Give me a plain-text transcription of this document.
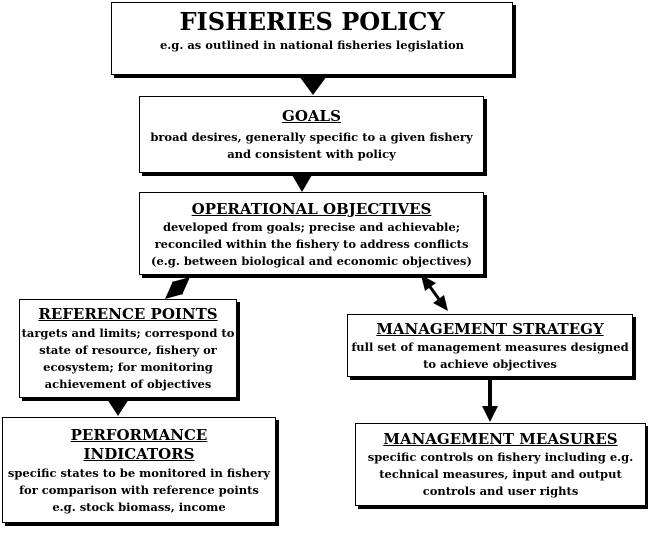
FISHERIES POLICY
e.g. as outlined in national fisheries legislation
GOALS
broad desires, generally specific to a given fishery
and consistent with policy
OPERATIONAL OBJECTIVES
developed from goals; precise and achievable;
reconciled within the fishery to address conflicts
(e.g. between biological and economic objectives)
REFERENCE POINTS
targets and limits; correspond to
state of resource, fishery or
ecosystem; for monitoring
achievement of objectives
MANAGEMENT STRATEGY
full set of management measures designed
to achieve objectives
PERFORMANCE
INDICATORS
specific states to be monitored in fishery
for comparison with reference points
e.g. stock biomass, income
MANAGEMENT MEASURES
specific controls on fishery including e.g.
technical measures, input and output
controls and user rights
